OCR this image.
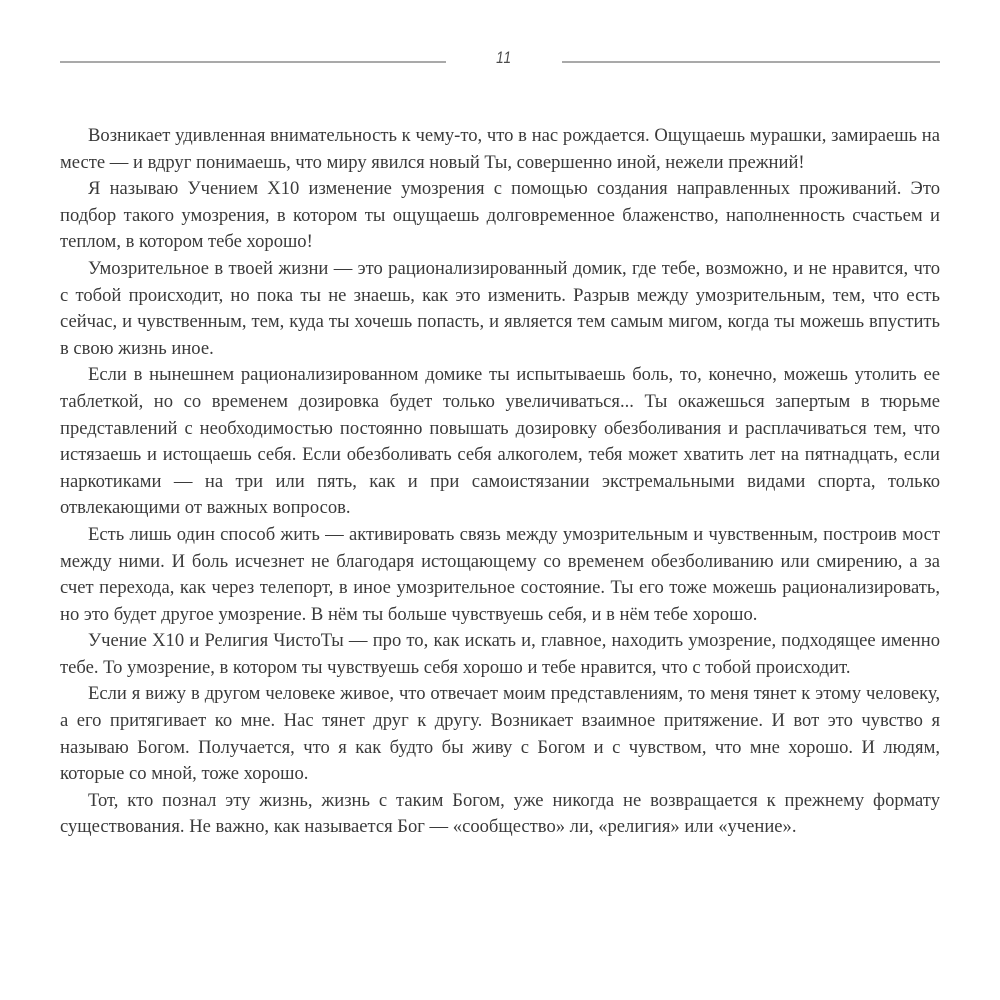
11

Возникает удивленная внимательность к чему-то, что в нас рождается. Ощущаешь мурашки, замираешь на месте — и вдруг понимаешь, что миру явился новый Ты, совершенно иной, нежели прежний!

Я называю Учением Х10 изменение умозрения с помощью создания направленных проживаний. Это подбор такого умозрения, в котором ты ощущаешь долговременное блаженство, наполненность счастьем и теплом, в котором тебе хорошо!

Умозрительное в твоей жизни — это рационализированный домик, где тебе, возможно, и не нравится, что с тобой происходит, но пока ты не знаешь, как это изменить. Разрыв между умозрительным, тем, что есть сейчас, и чувственным, тем, куда ты хочешь попасть, и является тем самым мигом, когда ты можешь впустить в свою жизнь иное.

Если в нынешнем рационализированном домике ты испытываешь боль, то, конечно, можешь утолить ее таблеткой, но со временем дозировка будет только увеличиваться... Ты окажешься запертым в тюрьме представлений с необходимостью постоянно повышать дозировку обезболивания и расплачиваться тем, что истязаешь и истощаешь себя. Если обезболивать себя алкоголем, тебя может хватить лет на пятнадцать, если наркотиками — на три или пять, как и при самоистязании экстремальными видами спорта, только отвлекающими от важных вопросов.

Есть лишь один способ жить — активировать связь между умозрительным и чувственным, построив мост между ними. И боль исчезнет не благодаря истощающему со временем обезболиванию или смирению, а за счет перехода, как через телепорт, в иное умозрительное состояние. Ты его тоже можешь рационализировать, но это будет другое умозрение. В нём ты больше чувствуешь себя, и в нём тебе хорошо.

Учение Х10 и Религия ЧистоТы — про то, как искать и, главное, находить умозрение, подходящее именно тебе. То умозрение, в котором ты чувствуешь себя хорошо и тебе нравится, что с тобой происходит.

Если я вижу в другом человеке живое, что отвечает моим представлениям, то меня тянет к этому человеку, а его притягивает ко мне. Нас тянет друг к другу. Возникает взаимное притяжение. И вот это чувство я называю Богом. Получается, что я как будто бы живу с Богом и с чувством, что мне хорошо. И людям, которые со мной, тоже хорошо.

Тот, кто познал эту жизнь, жизнь с таким Богом, уже никогда не возвращается к прежнему формату существования. Не важно, как называется Бог — «сообщество» ли, «религия» или «учение».
